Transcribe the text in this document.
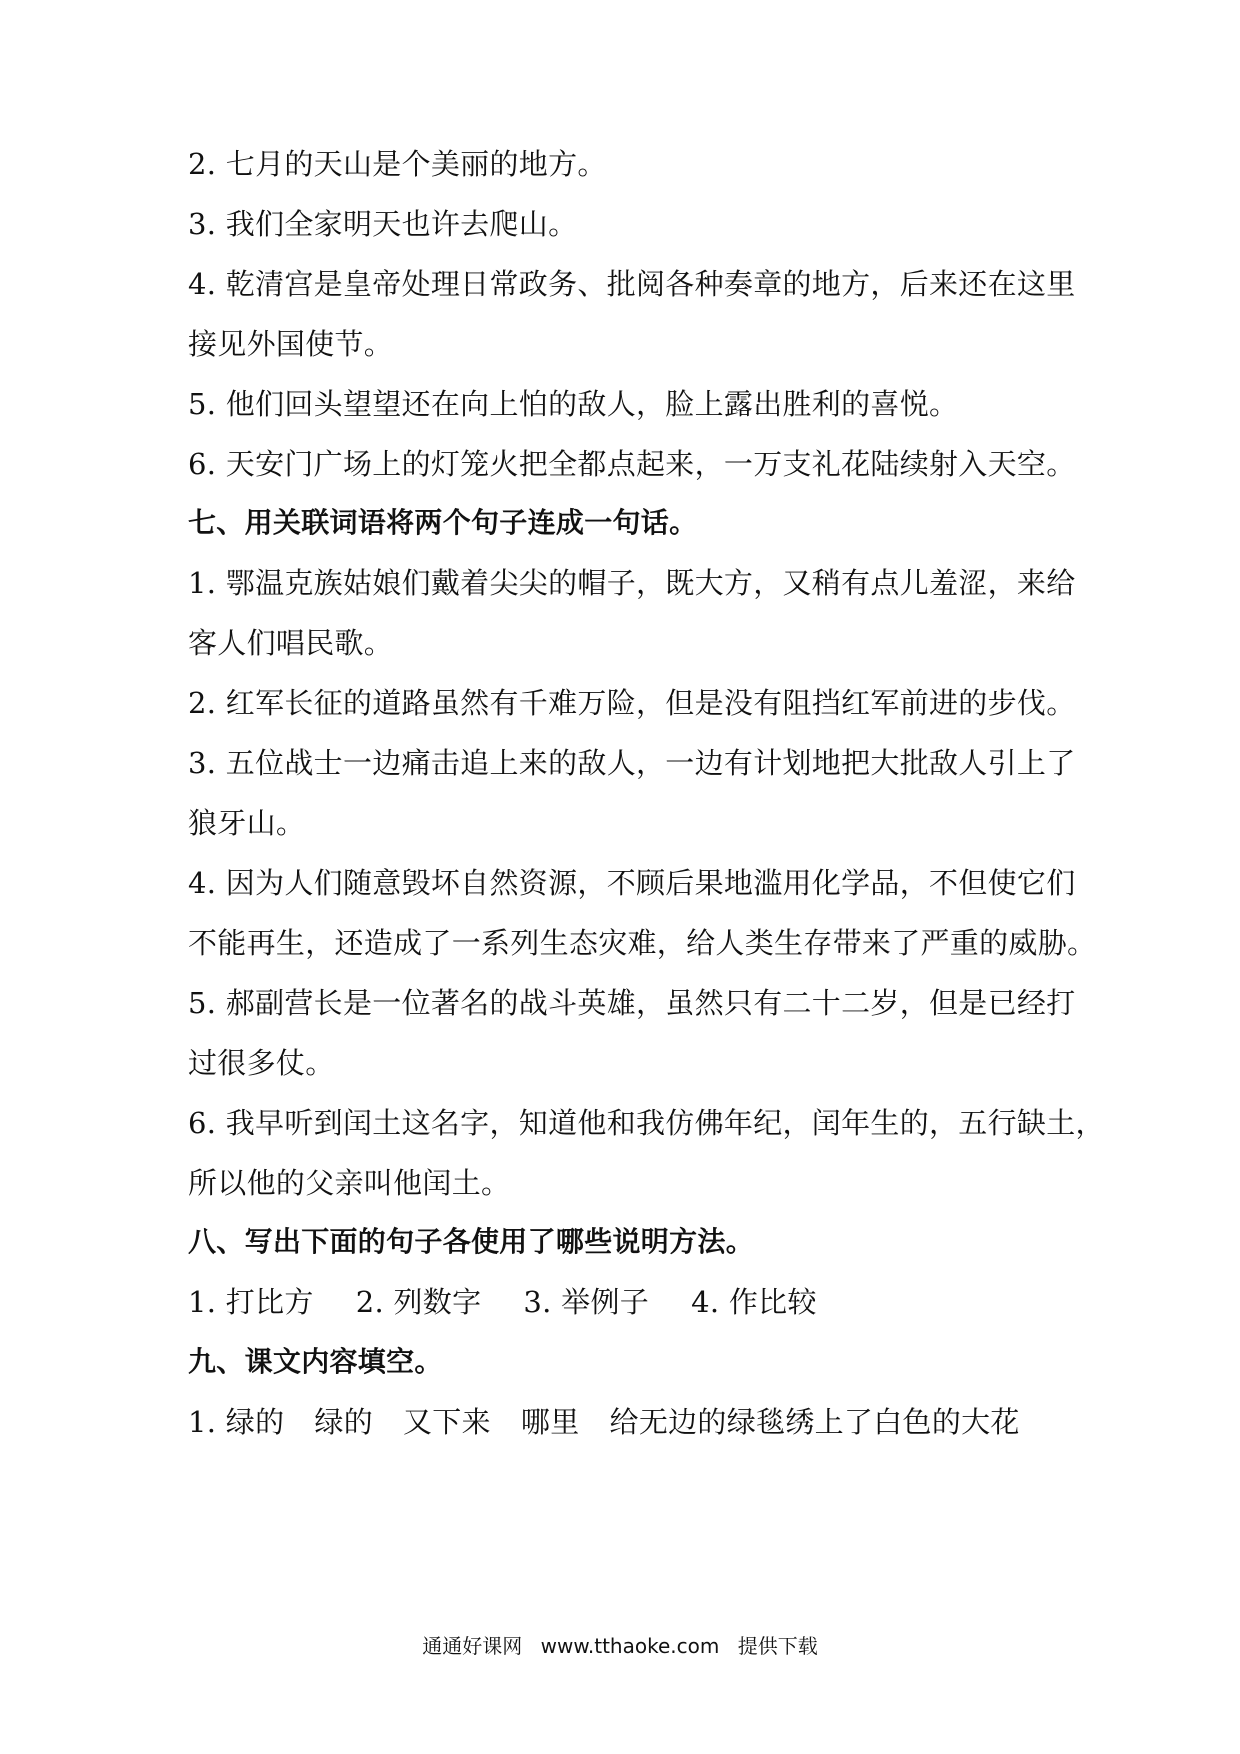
2. 七月的天山是个美丽的地方。
3. 我们全家明天也许去爬山。
4. 乾清宫是皇帝处理日常政务、批阅各种奏章的地方，后来还在这里
接见外国使节。
5. 他们回头望望还在向上怕的敌人，脸上露出胜利的喜悦。
6. 天安门广场上的灯笼火把全都点起来，一万支礼花陆续射入天空。
七、用关联词语将两个句子连成一句话。
1. 鄂温克族姑娘们戴着尖尖的帽子，既大方，又稍有点儿羞涩，来给
客人们唱民歌。
2. 红军长征的道路虽然有千难万险，但是没有阻挡红军前进的步伐。
3. 五位战士一边痛击追上来的敌人，一边有计划地把大批敌人引上了
狼牙山。
4. 因为人们随意毁坏自然资源，不顾后果地滥用化学品，不但使它们
不能再生，还造成了一系列生态灾难，给人类生存带来了严重的威胁。
5. 郝副营长是一位著名的战斗英雄，虽然只有二十二岁，但是已经打
过很多仗。
6. 我早听到闰土这名字，知道他和我仿佛年纪，闰年生的，五行缺土，
所以他的父亲叫他闰土。
八、写出下面的句子各使用了哪些说明方法。
1. 打比方 2. 列数字 3. 举例子 4. 作比较
九、课文内容填空。
1. 绿的 绿的 又下来 哪里 给无边的绿毯绣上了白色的大花
通通好课网 www.tthaoke.com 提供下载
